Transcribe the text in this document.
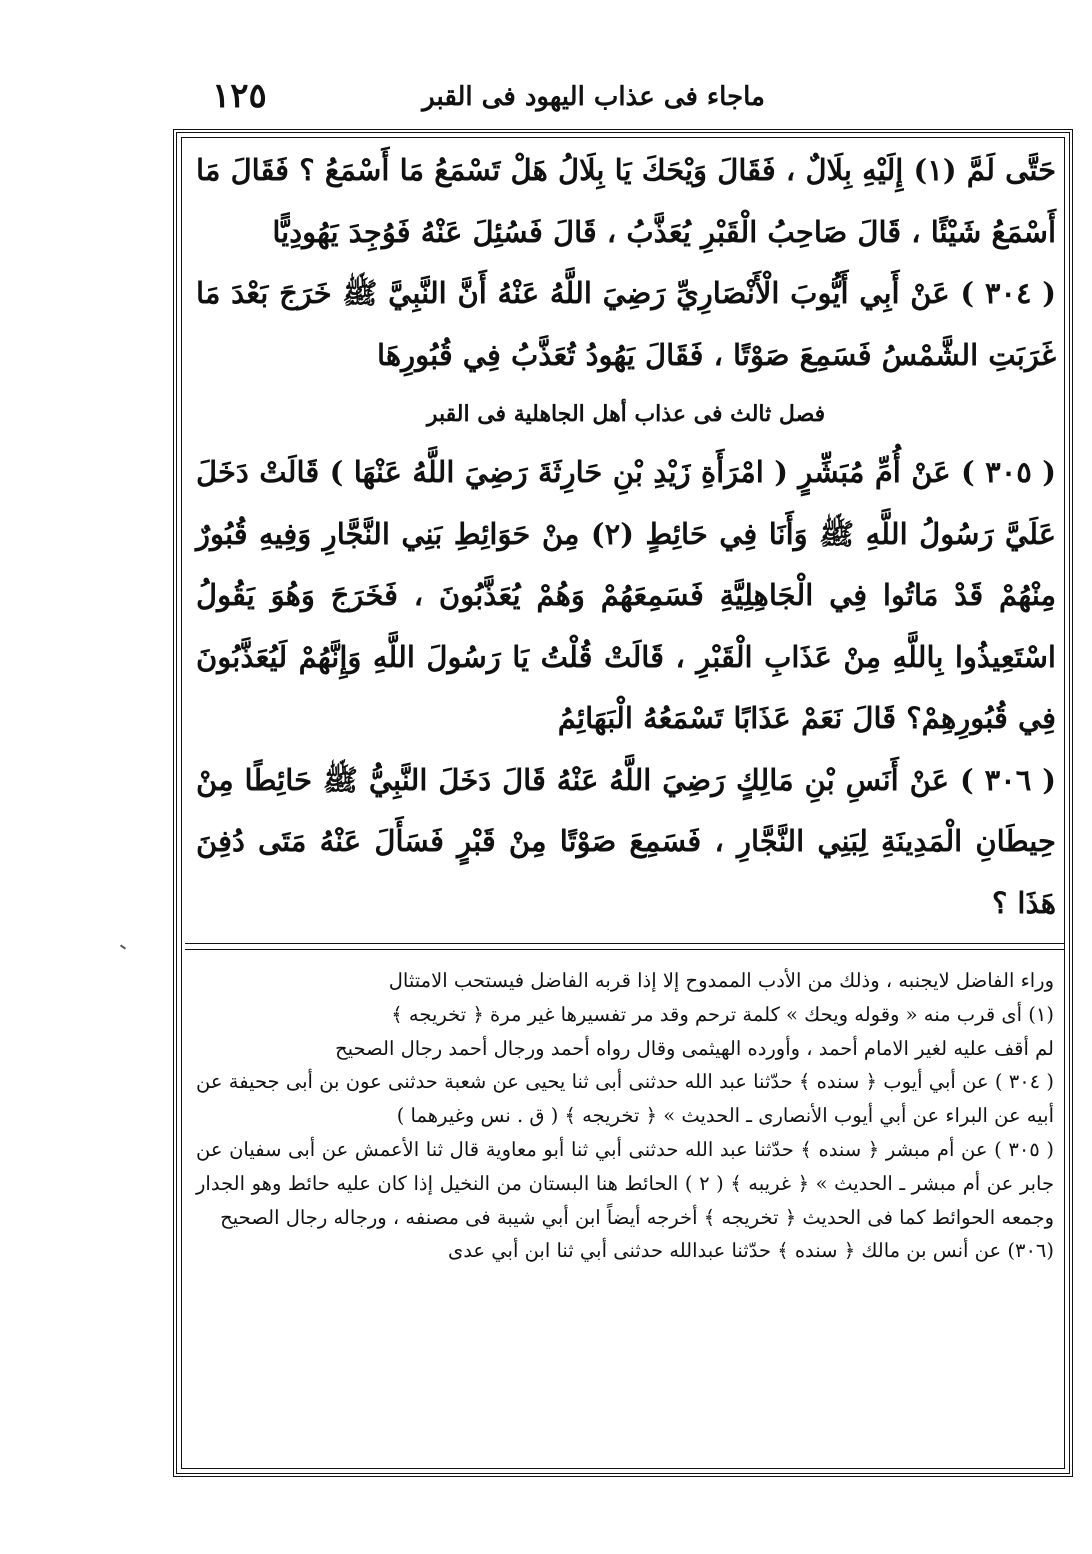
ماجاء فى عذاب اليهود فى القبر
١٢٥

حَتَّى لَمَّ (١) إِلَيْهِ بِلَالٌ ، فَقَالَ وَيْحَكَ يَا بِلَالُ هَلْ تَسْمَعُ مَا أَسْمَعُ ؟ فَقَالَ مَا أَسْمَعُ شَيْئًا ، قَالَ صَاحِبُ الْقَبْرِ يُعَذَّبُ ، قَالَ فَسُئِلَ عَنْهُ فَوُجِدَ يَهُودِيًّا

( ٣٠٤ ) عَنْ أَبِي أَيُّوبَ الْأَنْصَارِيِّ رَضِيَ اللَّهُ عَنْهُ أَنَّ النَّبِيَّ ﷺ خَرَجَ بَعْدَ مَا غَرَبَتِ الشَّمْسُ فَسَمِعَ صَوْتًا ، فَقَالَ يَهُودُ تُعَذَّبُ فِي قُبُورِهَا

فصل ثالث فى عذاب أهل الجاهلية فى القبر

( ٣٠٥ ) عَنْ أُمِّ مُبَشِّرٍ ( امْرَأَةِ زَيْدِ بْنِ حَارِثَةَ رَضِيَ اللَّهُ عَنْهَا ) قَالَتْ دَخَلَ عَلَيَّ رَسُولُ اللَّهِ ﷺ وَأَنَا فِي حَائِطٍ (٢) مِنْ حَوَائِطِ بَنِي النَّجَّارِ وَفِيهِ قُبُورٌ مِنْهُمْ قَدْ مَاتُوا فِي الْجَاهِلِيَّةِ فَسَمِعَهُمْ وَهُمْ يُعَذَّبُونَ ، فَخَرَجَ وَهُوَ يَقُولُ اسْتَعِيذُوا بِاللَّهِ مِنْ عَذَابِ الْقَبْرِ ، قَالَتْ قُلْتُ يَا رَسُولَ اللَّهِ وَإِنَّهُمْ لَيُعَذَّبُونَ فِي قُبُورِهِمْ؟ قَالَ نَعَمْ عَذَابًا تَسْمَعُهُ الْبَهَائِمُ

( ٣٠٦ ) عَنْ أَنَسِ بْنِ مَالِكٍ رَضِيَ اللَّهُ عَنْهُ قَالَ دَخَلَ النَّبِيُّ ﷺ حَائِطًا مِنْ حِيطَانِ الْمَدِينَةِ لِبَنِي النَّجَّارِ ، فَسَمِعَ صَوْتًا مِنْ قَبْرٍ فَسَأَلَ عَنْهُ مَتَى دُفِنَ هَذَا ؟

وراء الفاضل لايجنبه ، وذلك من الأدب الممدوح إلا إذا قربه الفاضل فيستحب الامتثال

(١) أى قرب منه « وقوله ويحك » كلمة ترحم وقد مر تفسيرها غير مرة ﴿ تخريجه ﴾

لم أقف عليه لغير الامام أحمد ، وأورده الهيثمى وقال رواه أحمد ورجال أحمد رجال الصحيح

( ٣٠٤ ) عن أبي أيوب ﴿ سنده ﴾ حدّثنا عبد الله حدثنى أبى ثنا يحيى عن شعبة حدثنى عون بن أبى جحيفة عن أبيه عن البراء عن أبي أيوب الأنصارى ـ الحديث » ﴿ تخريجه ﴾ ( ق . نس وغيرهما )

( ٣٠٥ ) عن أم مبشر ﴿ سنده ﴾ حدّثنا عبد الله حدثنى أبي ثنا أبو معاوية قال ثنا الأعمش عن أبى سفيان عن جابر عن أم مبشر ـ الحديث » ﴿ غريبه ﴾ ( ٢ ) الحائط هنا البستان من النخيل إذا كان عليه حائط وهو الجدار وجمعه الحوائط كما فى الحديث ﴿ تخريجه ﴾ أخرجه أيضاً ابن أبي شيبة فى مصنفه ، ورجاله رجال الصحيح

(٣٠٦) عن أنس بن مالك ﴿ سنده ﴾ حدّثنا عبدالله حدثنى أبي ثنا ابن أبي عدى
